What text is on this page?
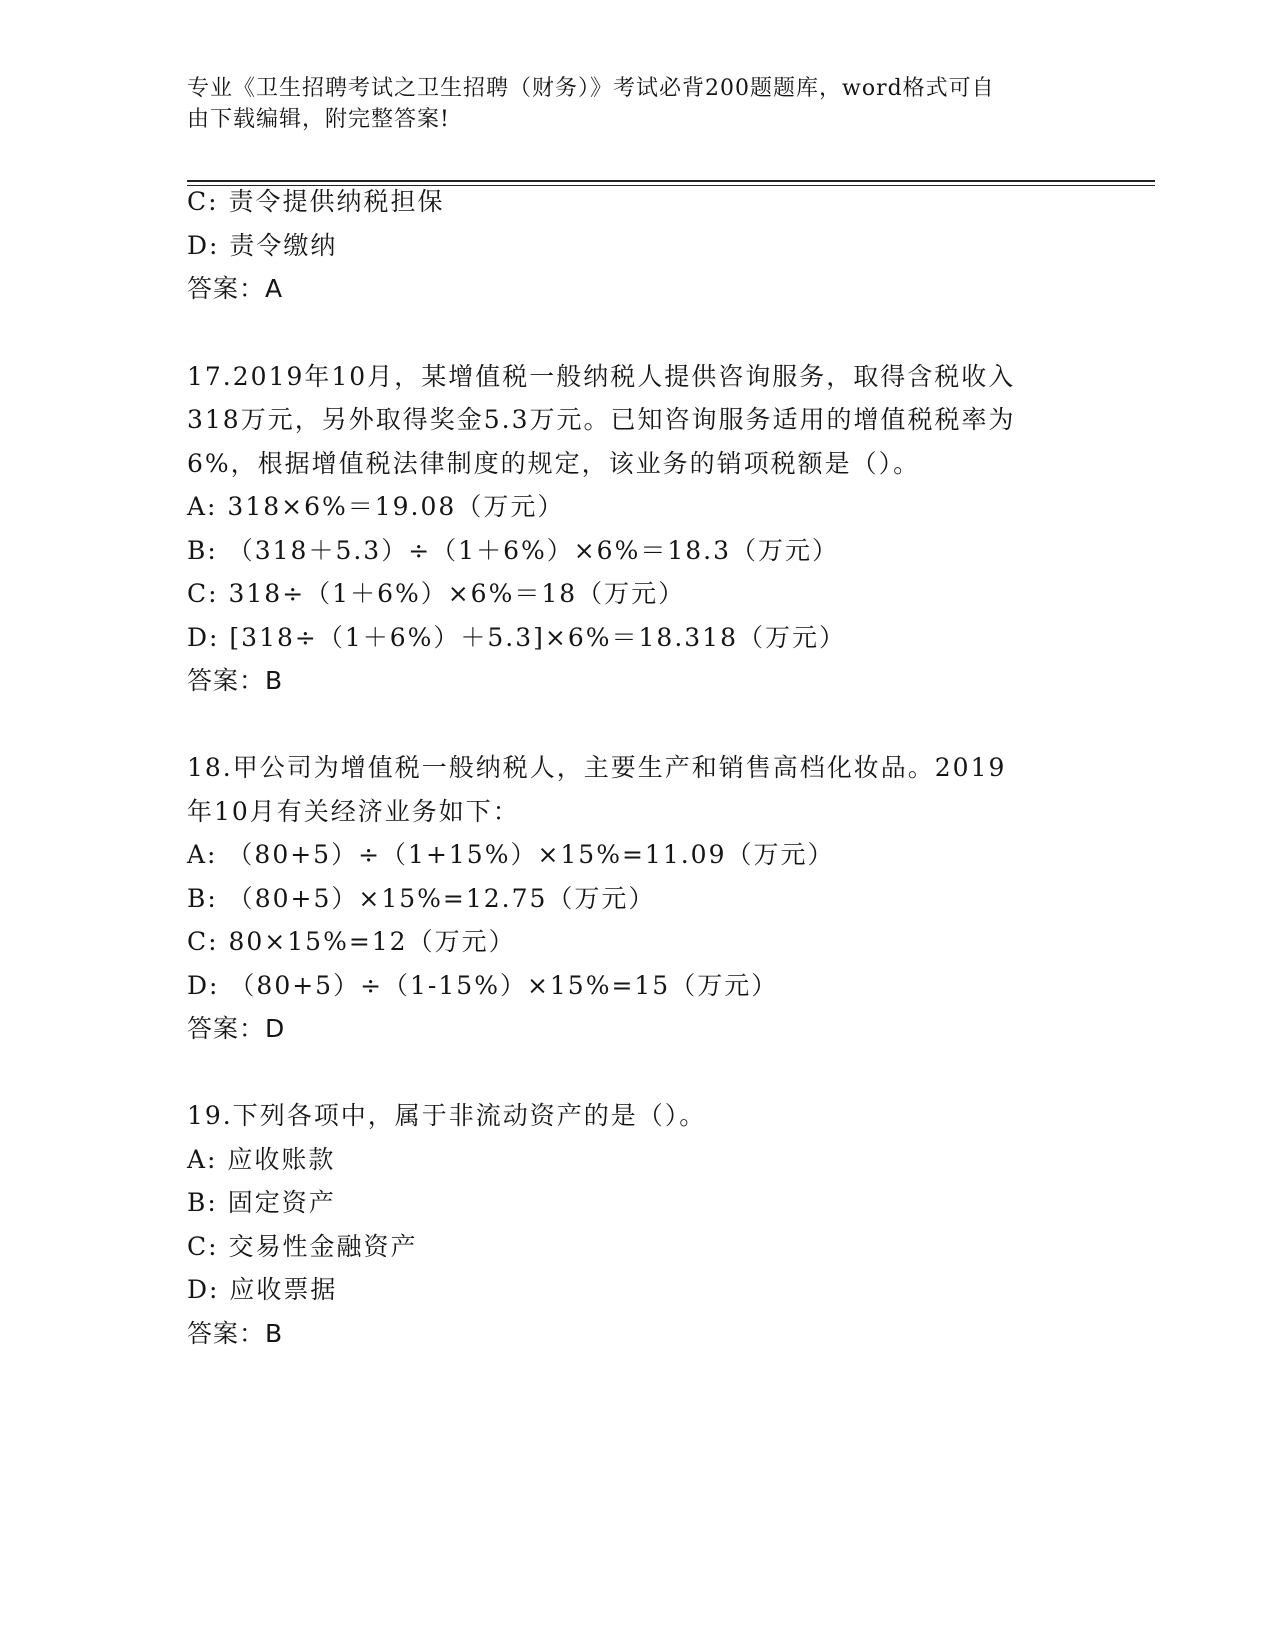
专业《卫生招聘考试之卫生招聘（财务）》考试必背200题题库，word格式可自
由下载编辑，附完整答案!
C: 责令提供纳税担保
D: 责令缴纳
答案：A
17.2019年10月，某增值税一般纳税人提供咨询服务，取得含税收入
318万元，另外取得奖金5.3万元。已知咨询服务适用的增值税税率为
6%，根据增值税法律制度的规定，该业务的销项税额是（）。
A: 318×6%＝19.08（万元）
B: （318＋5.3）÷（1＋6%）×6%＝18.3（万元）
C: 318÷（1＋6%）×6%＝18（万元）
D: [318÷（1＋6%）＋5.3]×6%＝18.318（万元）
答案：B
18.甲公司为增值税一般纳税人，主要生产和销售高档化妆品。2019
年10月有关经济业务如下：
A: （80+5）÷（1+15%）×15%=11.09（万元）
B: （80+5）×15%=12.75（万元）
C: 80×15%=12（万元）
D: （80+5）÷（1-15%）×15%=15（万元）
答案：D
19.下列各项中，属于非流动资产的是（）。
A: 应收账款
B: 固定资产
C: 交易性金融资产
D: 应收票据
答案：B
